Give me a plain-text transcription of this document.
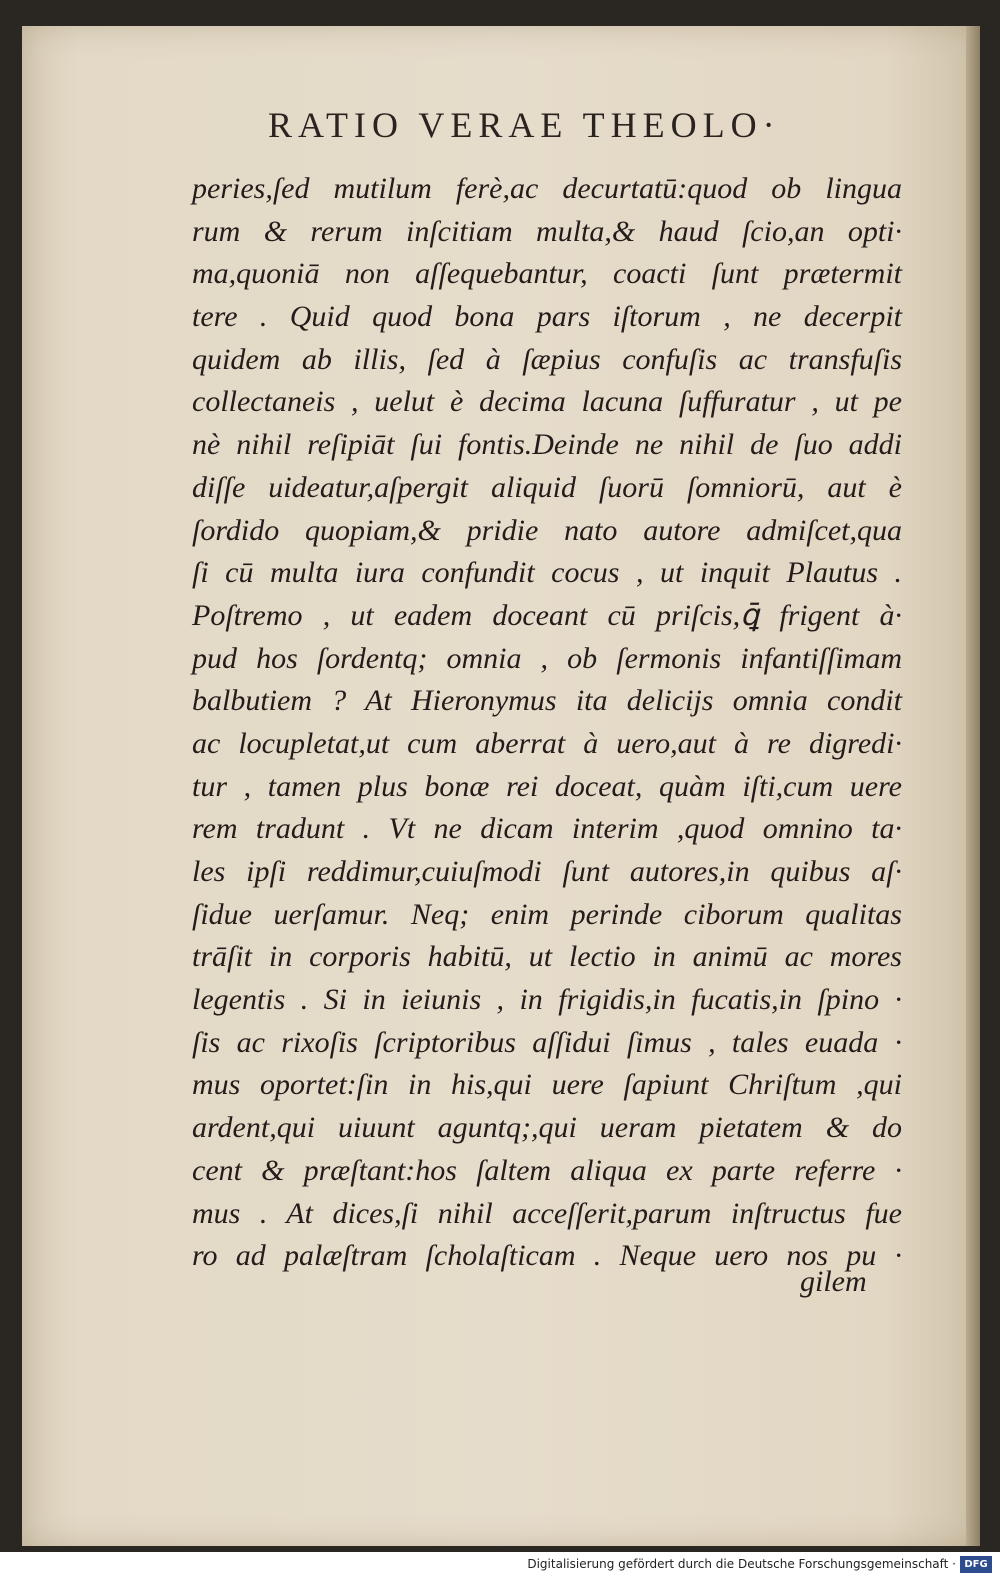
RATIO VERAE THEOLO·
peries,ſed mutilum ferè,ac decurtatū:quod ob lingua
rum & rerum inſcitiam multa,& haud ſcio,an opti·
ma,quoniā non aſſequebantur, coacti ſunt prætermit
tere . Quid quod bona pars iſtorum , ne decerpit
quidem ab illis, ſed à ſæpius confuſis ac transfuſis
collectaneis , uelut è decima lacuna ſuffuratur , ut pe
nè nihil reſipiāt ſui fontis.Deinde ne nihil de ſuo addi
diſſe uideatur,aſpergit aliquid ſuorū ſomniorū, aut è
ſordido quopiam,& pridie nato autore admiſcet,qua
ſi cū multa iura confundit cocus , ut inquit Plautus .
Poſtremo , ut eadem doceant cū priſcis,ꝗ̄ frigent à·
pud hos ſordentq; omnia , ob ſermonis infantiſſimam
balbutiem ? At Hieronymus ita delicijs omnia condit
ac locupletat,ut cum aberrat à uero,aut à re digredi·
tur , tamen plus bonæ rei doceat, quàm iſti,cum uere
rem tradunt . Vt ne dicam interim ,quod omnino ta·
les ipſi reddimur,cuiuſmodi ſunt autores,in quibus aſ·
ſidue uerſamur. Neq; enim perinde ciborum qualitas
trāſit in corporis habitū, ut lectio in animū ac mores
legentis . Si in ieiunis , in frigidis,in fucatis,in ſpino ·
ſis ac rixoſis ſcriptoribus aſſidui ſimus , tales euada ·
mus oportet:ſin in his,qui uere ſapiunt Chriſtum ,qui
ardent,qui uiuunt aguntq;,qui ueram pietatem & do
cent & præſtant:hos ſaltem aliqua ex parte referre ·
mus . At dices,ſi nihil acceſſerit,parum inſtructus fue
ro ad palæſtram ſcholaſticam . Neque uero nos pu ·
gilem
Digitalisierung gefördert durch die Deutsche Forschungsgemeinschaft · DFG
